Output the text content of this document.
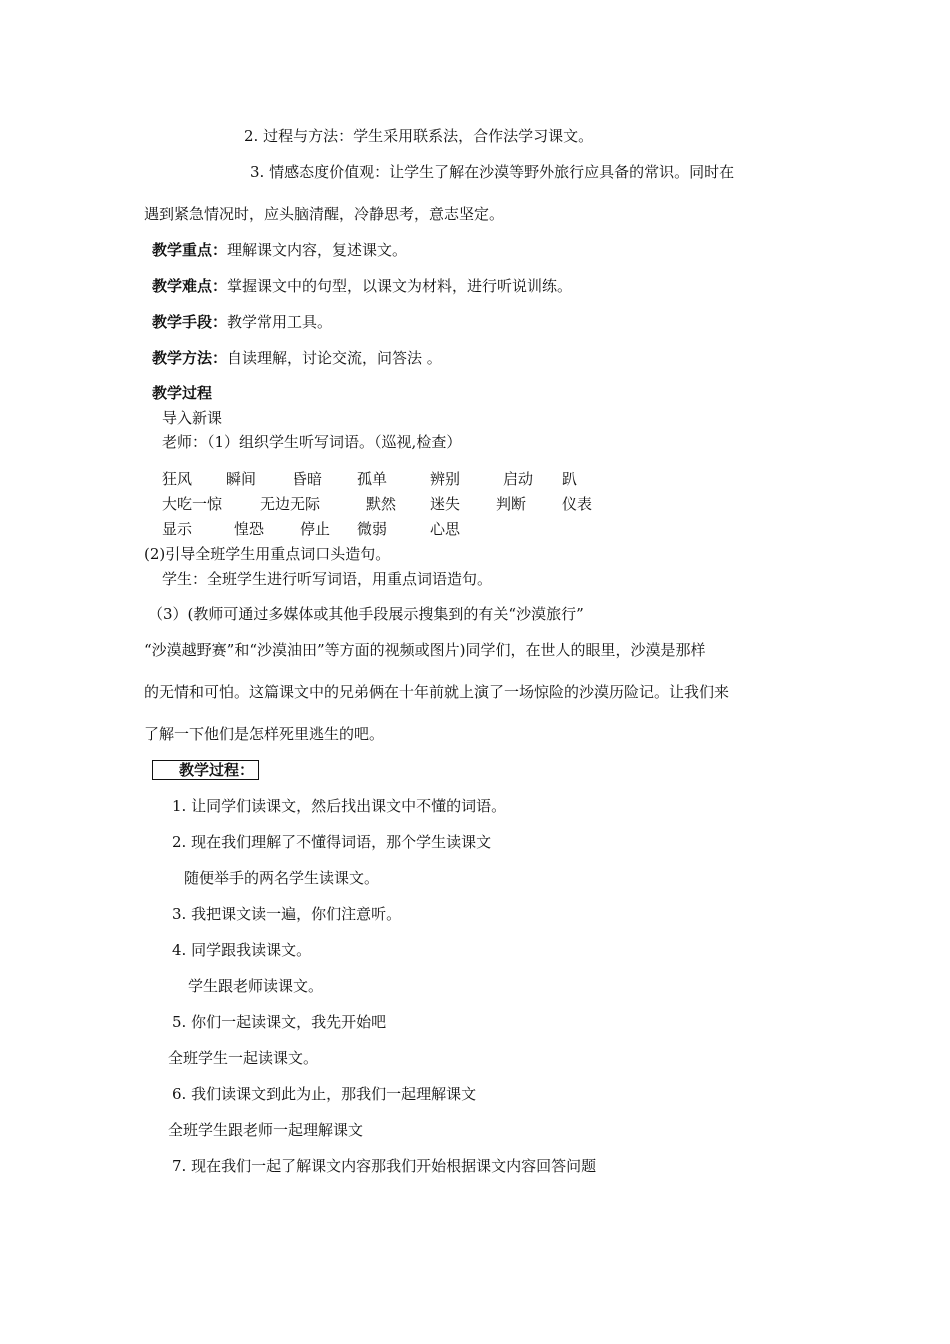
2. 过程与方法：学生采用联系法，合作法学习课文。
3. 情感态度价值观：让学生了解在沙漠等野外旅行应具备的常识。同时在
遇到紧急情况时，应头脑清醒，冷静思考，意志坚定。
教学重点：理解课文内容，复述课文。
教学难点：掌握课文中的句型，以课文为材料，进行听说训练。
教学手段：教学常用工具。
教学方法：自读理解，讨论交流，问答法 。
教学过程
导入新课
老师：（1）组织学生听写词语。（巡视,检查）
狂风 瞬间 昏暗 孤单	辨别	启动 趴
大吃一惊	无边无际	默然 迷失 判断 仪表
显示	惶恐 停止 微弱	心思
(2)引导全班学生用重点词口头造句。
学生：全班学生进行听写词语，用重点词语造句。
（3）(教师可通过多媒体或其他手段展示搜集到的有关“沙漠旅行”
“沙漠越野赛”和“沙漠油田”等方面的视频或图片)同学们，在世人的眼里，沙漠是那样
的无情和可怕。这篇课文中的兄弟俩在十年前就上演了一场惊险的沙漠历险记。让我们来
了解一下他们是怎样死里逃生的吧。
教学过程：
1. 让同学们读课文，然后找出课文中不懂的词语。
2. 现在我们理解了不懂得词语，那个学生读课文
随便举手的两名学生读课文。
3. 我把课文读一遍，你们注意听。
4. 同学跟我读课文。
学生跟老师读课文。
5. 你们一起读课文，我先开始吧
全班学生一起读课文。
6. 我们读课文到此为止，那我们一起理解课文
全班学生跟老师一起理解课文
7. 现在我们一起了解课文内容那我们开始根据课文内容回答问题
